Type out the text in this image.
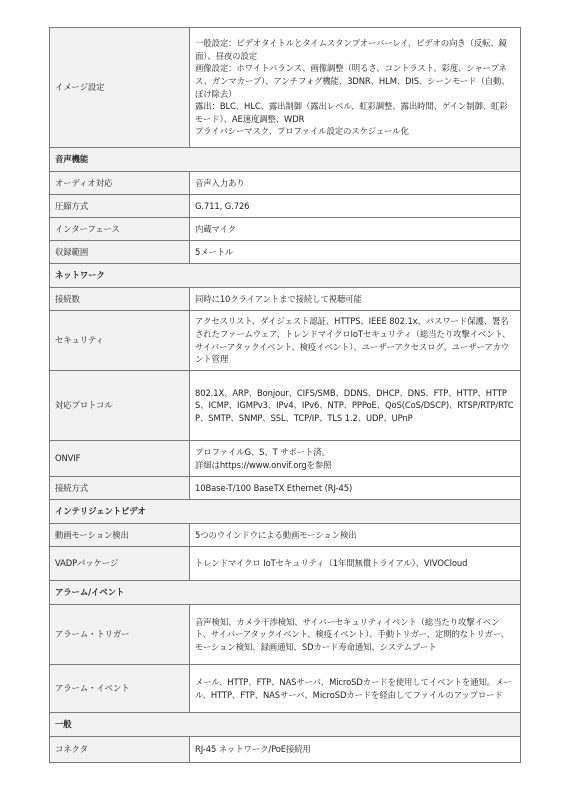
イメージ設定	一般設定：ビデオタイトルとタイムスタンプオーバーレイ、ビデオの向き（反転、鏡面）、昼夜の設定
画像設定：ホワイトバランス、画像調整（明るさ、コントラスト、彩度、シャープネス、ガンマカーブ）、アンチフォグ機能、3DNR、HLM、DIS、シーンモード（自動、ぼけ除去）
露出：BLC、HLC、露出制御（露出レベル、虹彩調整、露出時間、ゲイン制御、虹彩モード）、AE速度調整、WDR
プライバシーマスク、プロファイル設定のスケジュール化

音声機能	
オーディオ対応	音声入力あり

圧縮方式	G.711, G.726

インターフェース	内蔵マイク

収録範囲	5メートル

ネットワーク	
接続数	同時に10クライアントまで接続して視聴可能

セキュリティ	アクセスリスト、ダイジェスト認証、HTTPS、IEEE 802.1x、パスワード保護、署名されたファームウェア、トレンドマイクロIoTセキュリティ（総当たり攻撃イベント、サイバーアタックイベント、検疫イベント）、ユーザーアクセスログ、ユーザーアカウント管理

対応プロトコル	802.1X、ARP、Bonjour、CIFS/SMB、DDNS、DHCP、DNS、FTP、HTTP、HTTPS、ICMP、IGMPv3、IPv4、IPv6、NTP、PPPoE、QoS(CoS/DSCP)、RTSP/RTP/RTCP、SMTP、SNMP、SSL、TCP/IP、TLS 1.2、UDP、UPnP

ONVIF	プロファイルG、S、T サポート済。
詳細はhttps://www.onvif.orgを参照

接続方式	10Base-T/100 BaseTX Ethernet (RJ-45)

インテリジェントビデオ	
動画モーション検出	5つのウインドウによる動画モーション検出

VADPパッケージ	トレンドマイクロ IoTセキュリティ（1年間無償トライアル）、VIVOCloud

アラーム/イベント	
アラーム・トリガー	音声検知、カメラ干渉検知、サイバーセキュリティイベント（総当たり攻撃イベント、サイバーアタックイベント、検疫イベント）、手動トリガー、定期的なトリガー、モーション検知、録画通知、SDカード寿命通知、システムブート

アラーム・イベント	メール、HTTP、FTP、NASサーバ、MicroSDカードを使用してイベントを通知。メール、HTTP、FTP、NASサーバ、MicroSDカードを経由してファイルのアップロード

一般	
コネクタ	RJ-45 ネットワーク/PoE接続用
